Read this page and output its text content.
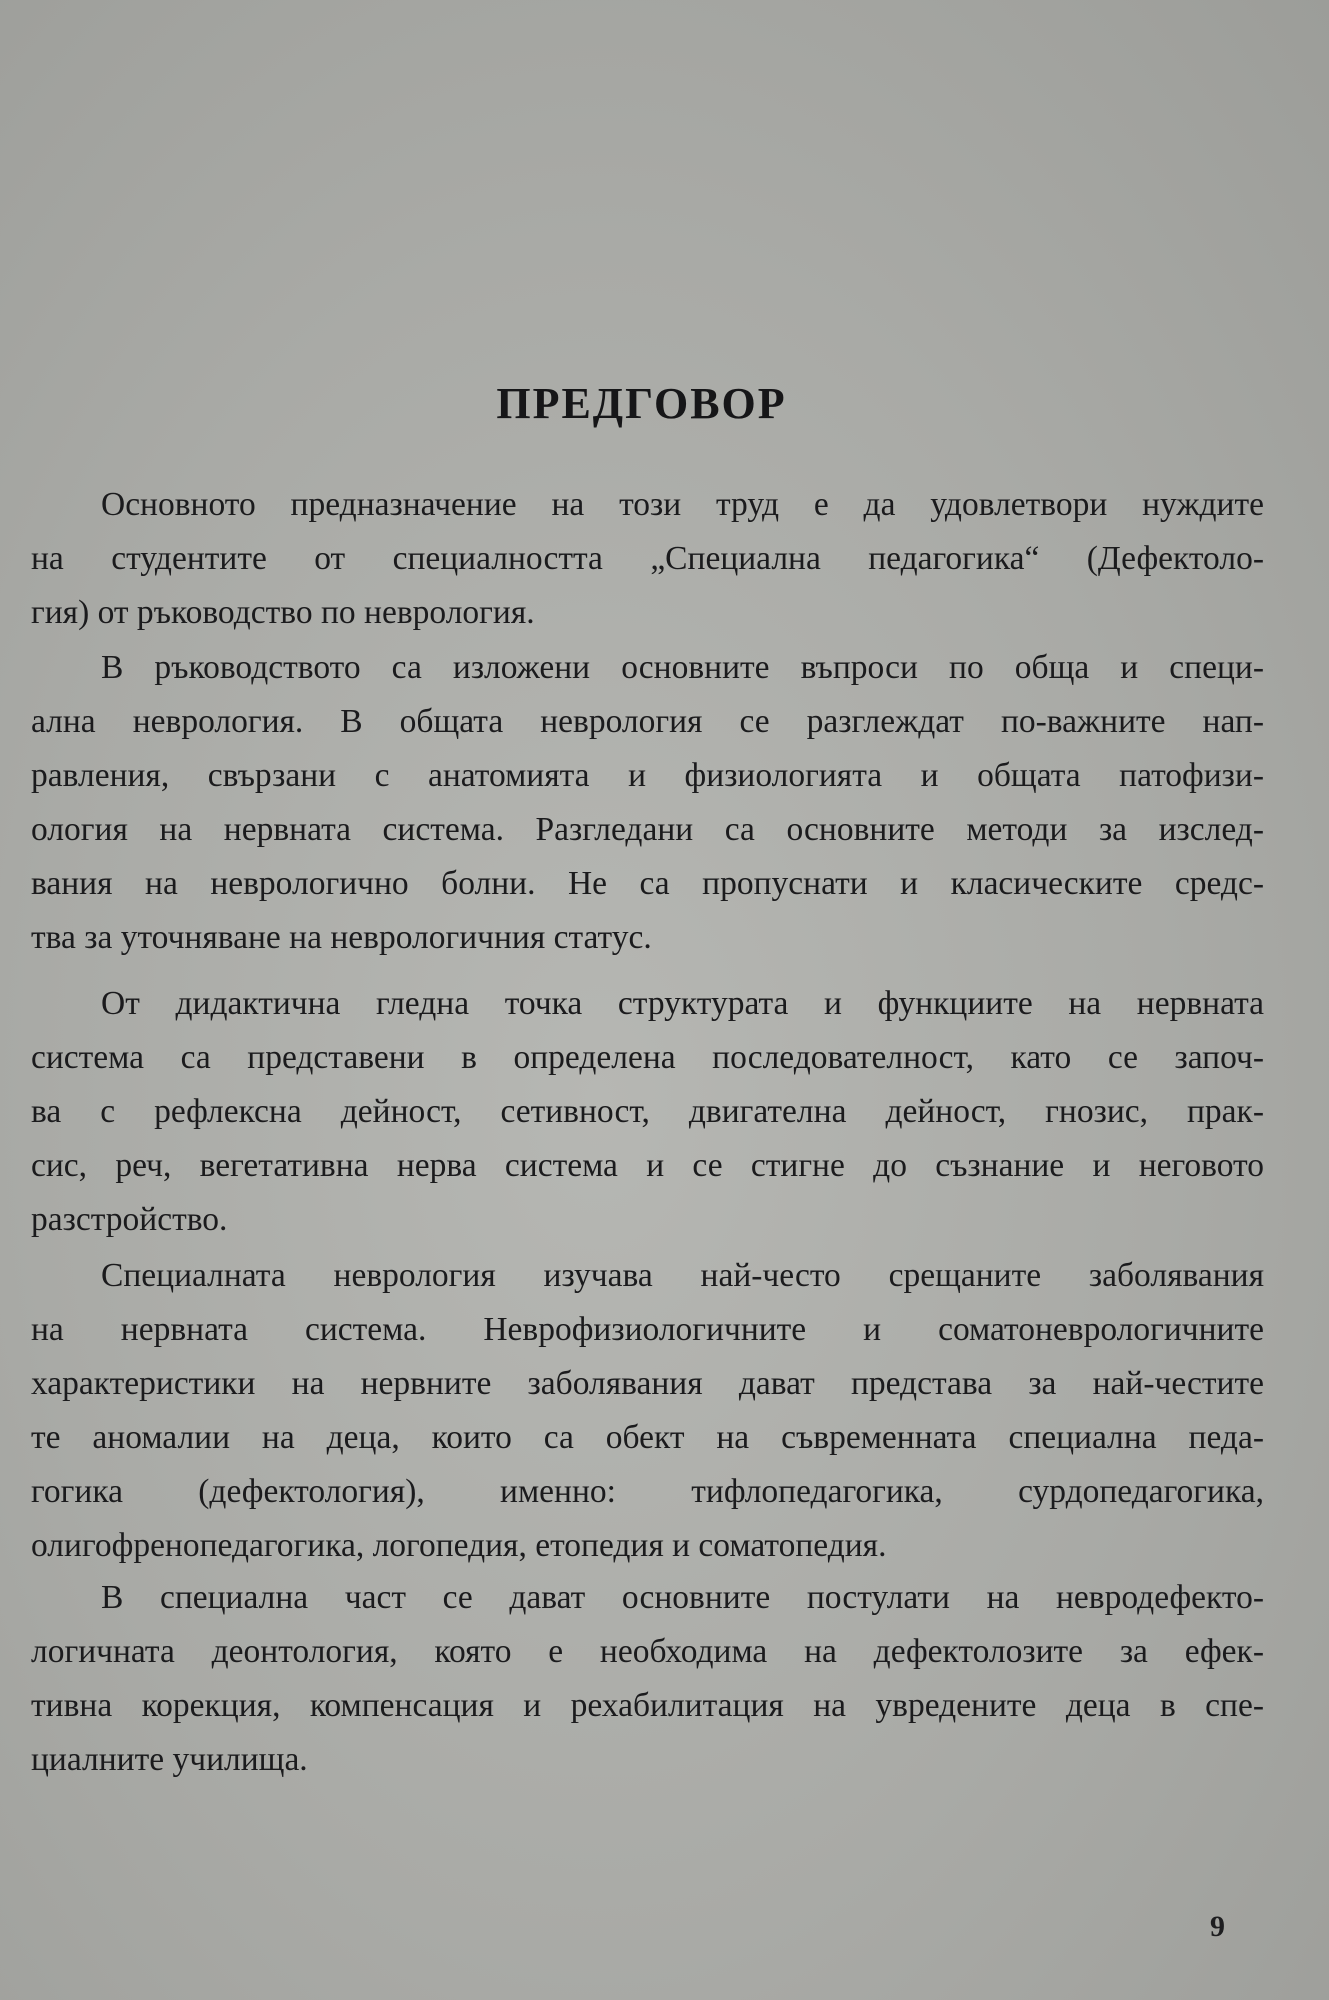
ПРЕДГОВОР
Основното предназначение на този труд е да удовлетвори нуждите
на студентите от специалността „Специална педагогика“ (Дефектоло-
гия) от ръководство по неврология.
В ръководството са изложени основните въпроси по обща и специ-
ална неврология. В общата неврология се разглеждат по-важните нап-
равления, свързани с анатомията и физиологията и общата патофизи-
ология на нервната система. Разгледани са основните методи за изслед-
вания на неврологично болни. Не са пропуснати и класическите средс-
тва за уточняване на неврологичния статус.
От дидактична гледна точка структурата и функциите на нервната
система са представени в определена последователност, като се започ-
ва с рефлексна дейност, сетивност, двигателна дейност, гнозис, прак-
сис, реч, вегетативна нерва система и се стигне до съзнание и неговото
разстройство.
Специалната неврология изучава най-често срещаните заболявания
на нервната система. Неврофизиологичните и соматоневрологичните
характеристики на нервните заболявания дават представа за най-честите
те аномалии на деца, които са обект на съвременната специална педа-
гогика (дефектология), именно: тифлопедагогика, сурдопедагогика,
олигофренопедагогика, логопедия, етопедия и соматопедия.
В специална част се дават основните постулати на невродефекто-
логичната деонтология, която е необходима на дефектолозите за ефек-
тивна корекция, компенсация и рехабилитация на увредените деца в спе-
циалните училища.
9
